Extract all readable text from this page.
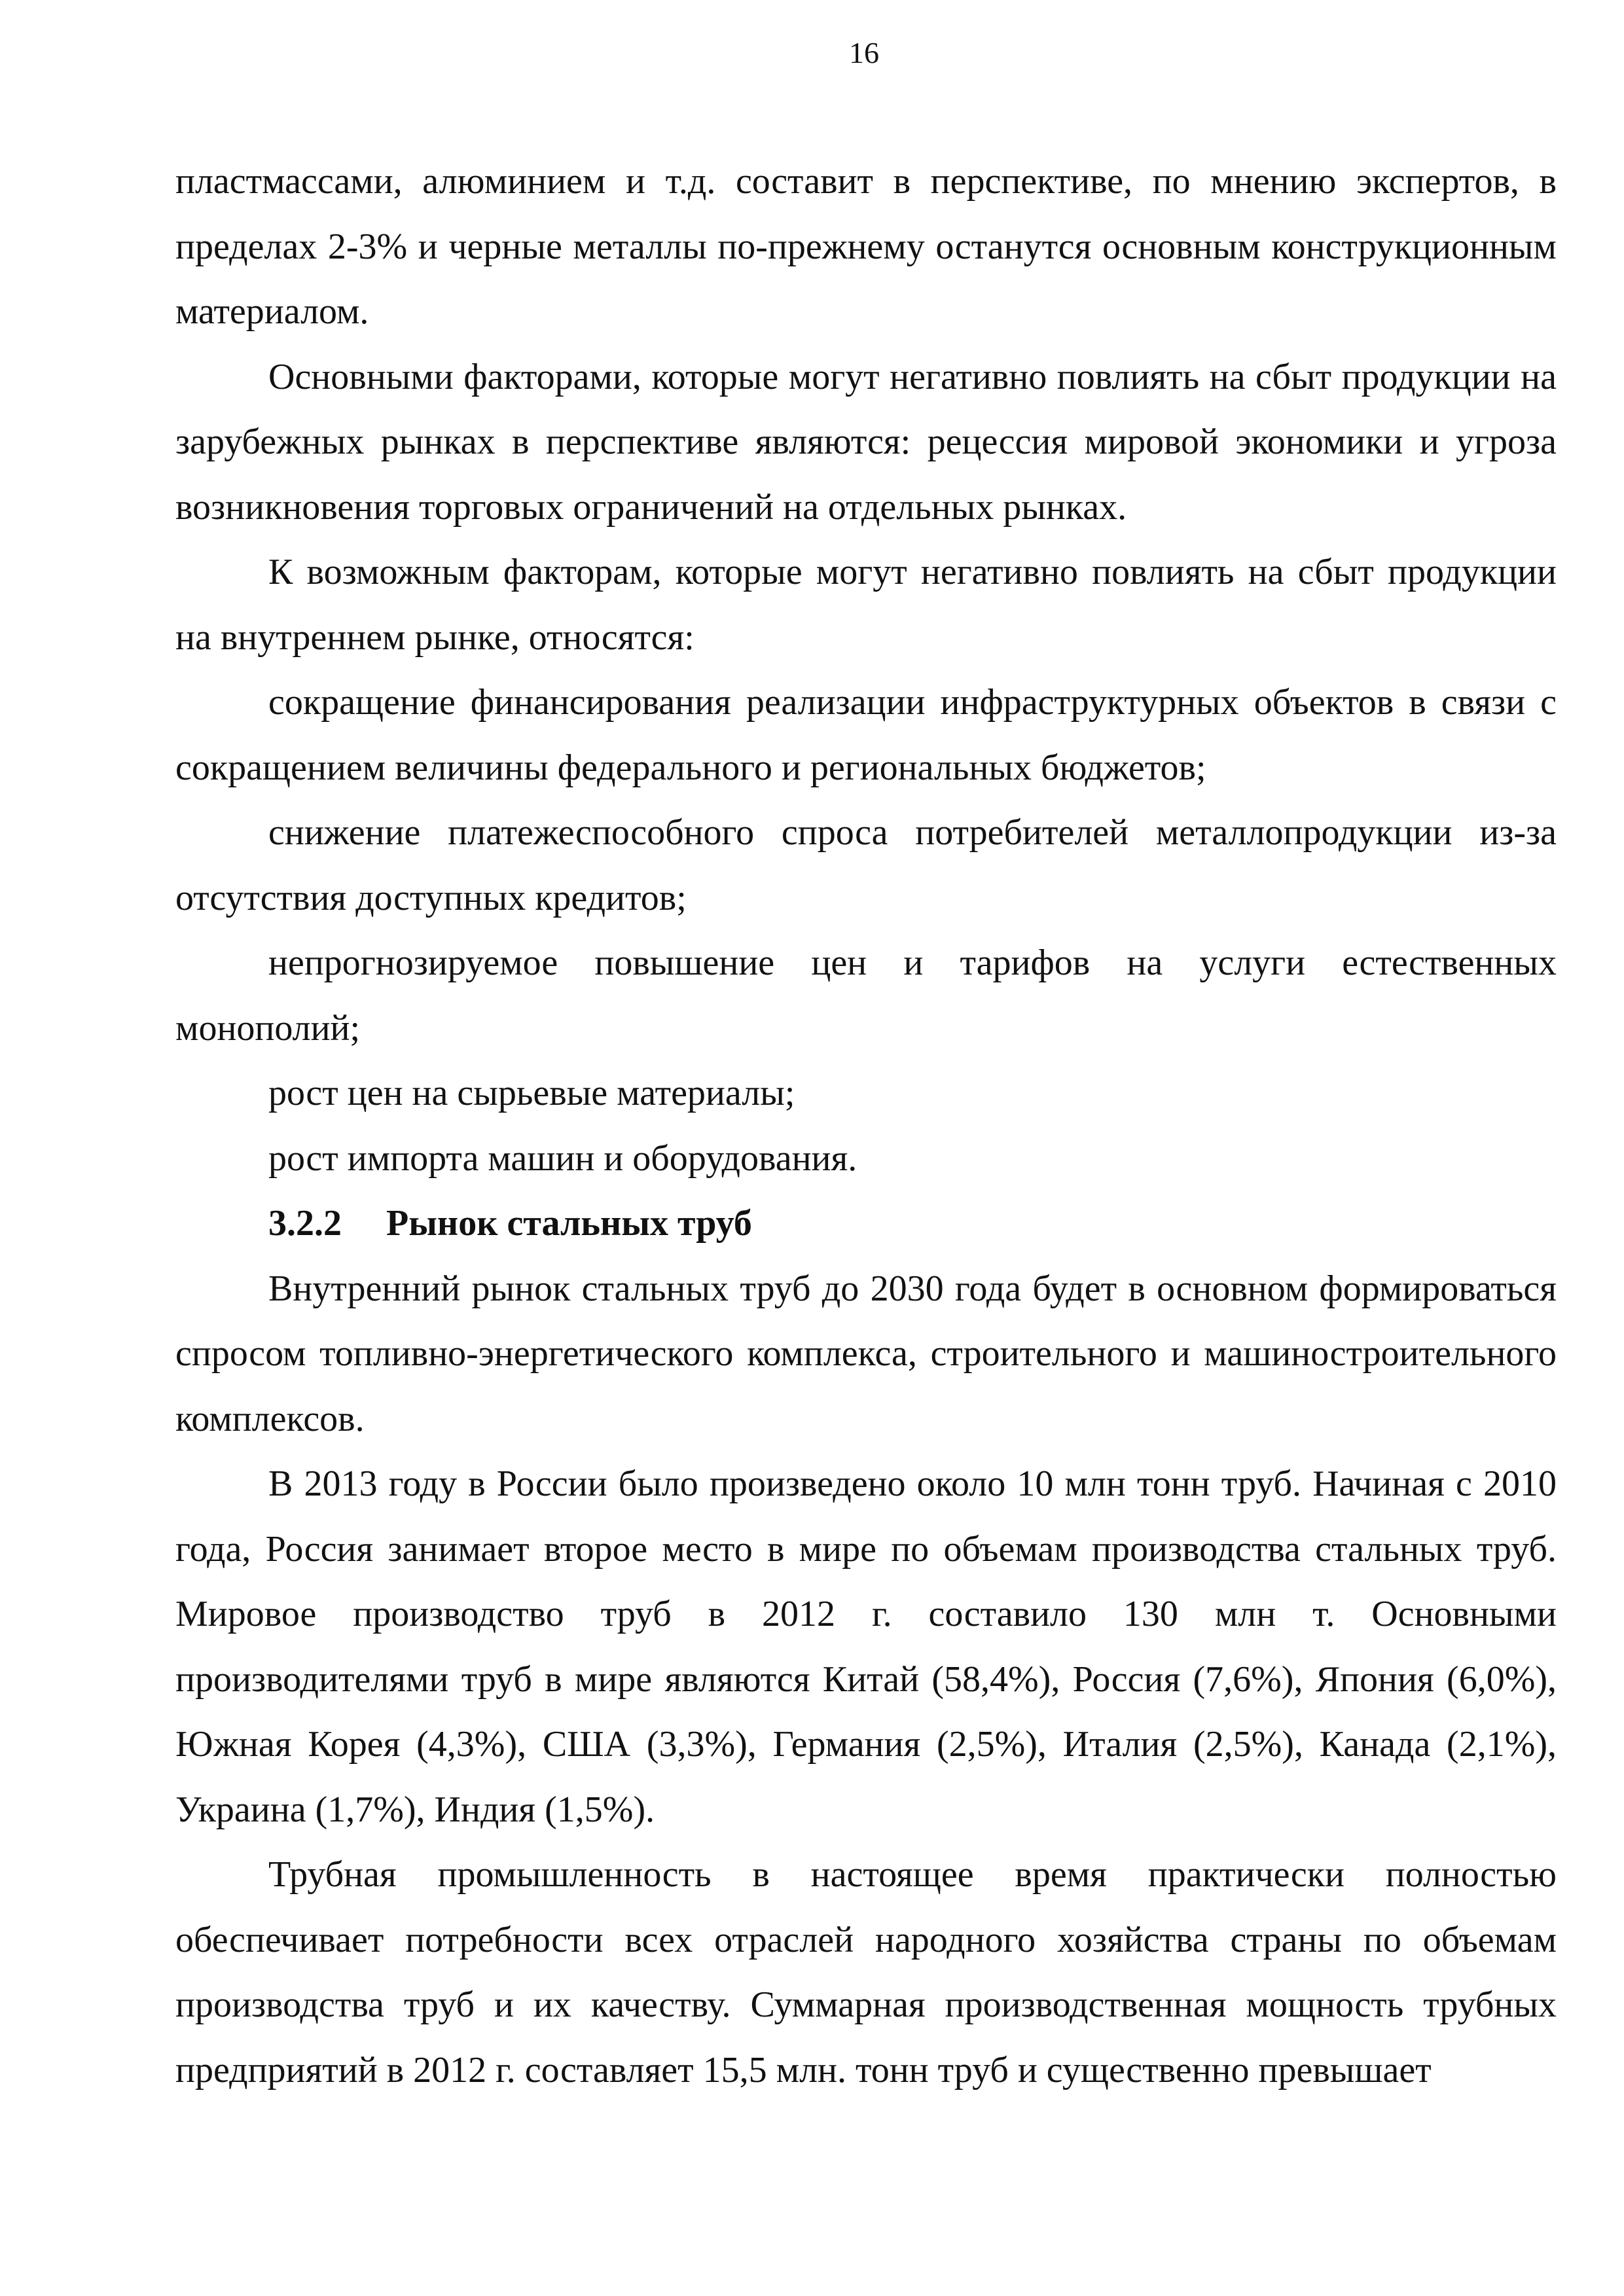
16

пластмассами, алюминием и т.д. составит в перспективе, по мнению экспертов, в пределах 2-3% и черные металлы по-прежнему останутся основным конструкционным материалом.

Основными факторами, которые могут негативно повлиять на сбыт продукции на зарубежных рынках в перспективе являются: рецессия мировой экономики и угроза возникновения торговых ограничений на отдельных рынках.

К возможным факторам, которые могут негативно повлиять на сбыт продукции на внутреннем рынке, относятся:

сокращение финансирования реализации инфраструктурных объектов в связи с сокращением величины федерального и региональных бюджетов;

снижение платежеспособного спроса потребителей металлопродукции из-за отсутствия доступных кредитов;

непрогнозируемое повышение цен и тарифов на услуги естественных монополий;

рост цен на сырьевые материалы;

рост импорта машин и оборудования.

3.2.2 Рынок стальных труб

Внутренний рынок стальных труб до 2030 года будет в основном формироваться спросом топливно-энергетического комплекса, строительного и машиностроительного комплексов.

В 2013 году в России было произведено около 10 млн тонн труб. Начиная с 2010 года, Россия занимает второе место в мире по объемам производства стальных труб. Мировое производство труб в 2012 г. составило 130 млн т. Основными производителями труб в мире являются Китай (58,4%), Россия (7,6%), Япония (6,0%), Южная Корея (4,3%), США (3,3%), Германия (2,5%), Италия (2,5%), Канада (2,1%), Украина (1,7%), Индия (1,5%).

Трубная промышленность в настоящее время практически полностью обеспечивает потребности всех отраслей народного хозяйства страны по объемам производства труб и их качеству. Суммарная производственная мощность трубных предприятий в 2012 г. составляет 15,5 млн. тонн труб и существенно превышает
